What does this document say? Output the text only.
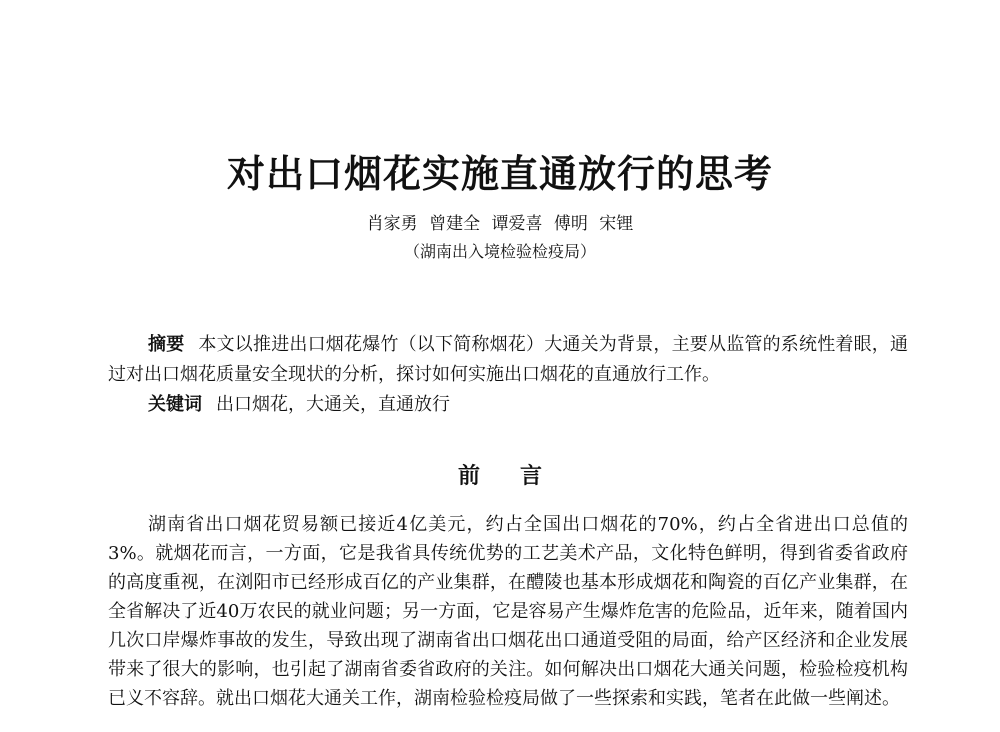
对出口烟花实施直通放行的思考
肖家勇 曾建全 谭爱喜 傅明 宋锂
（湖南出入境检验检疫局）
摘要 本文以推进出口烟花爆竹（以下简称烟花）大通关为背景，主要从监管的系统性着眼，通过对出口烟花质量安全现状的分析，探讨如何实施出口烟花的直通放行工作。
关键词 出口烟花，大通关，直通放行
前言
湖南省出口烟花贸易额已接近4亿美元，约占全国出口烟花的70%，约占全省进出口总值的3%。就烟花而言，一方面，它是我省具传统优势的工艺美术产品，文化特色鲜明，得到省委省政府的高度重视，在浏阳市已经形成百亿的产业集群，在醴陵也基本形成烟花和陶瓷的百亿产业集群，在全省解决了近40万农民的就业问题；另一方面，它是容易产生爆炸危害的危险品，近年来，随着国内几次口岸爆炸事故的发生，导致出现了湖南省出口烟花出口通道受阻的局面，给产区经济和企业发展带来了很大的影响，也引起了湖南省委省政府的关注。如何解决出口烟花大通关问题，检验检疫机构已义不容辞。就出口烟花大通关工作，湖南检验检疫局做了一些探索和实践，笔者在此做一些阐述。
